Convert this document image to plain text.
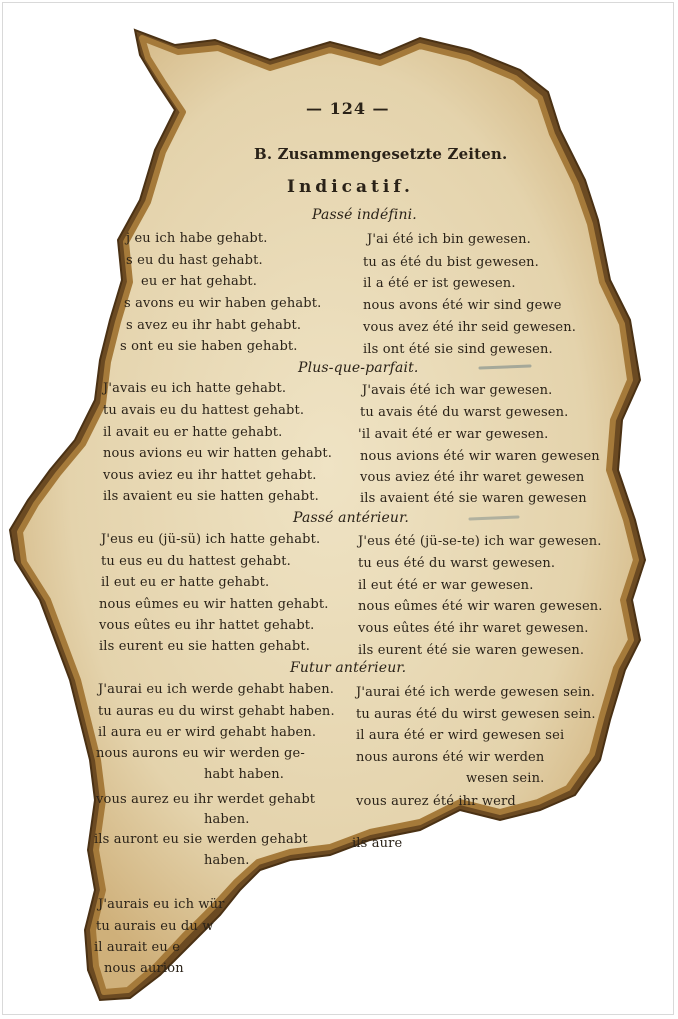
— 124 —
B. Zusammengesetzte Zeiten.
Indicatif.
Passé indéfini.
j eu ich habe gehabt.
s eu du hast gehabt.
eu er hat gehabt.
s avons eu wir haben gehabt.
s avez eu ihr habt gehabt.
s ont eu sie haben gehabt.
J'ai été ich bin gewesen.
tu as été du bist gewesen.
il a été er ist gewesen.
nous avons été wir sind gewe
vous avez été ihr seid gewesen.
ils ont été sie sind gewesen.
Plus-que-parfait.
J'avais eu ich hatte gehabt.
tu avais eu du hattest gehabt.
il avait eu er hatte gehabt.
nous avions eu wir hatten gehabt.
vous aviez eu ihr hattet gehabt.
ils avaient eu sie hatten gehabt.
J'avais été ich war gewesen.
tu avais été du warst gewesen.
'il avait été er war gewesen.
nous avions été wir waren gewesen
vous aviez été ihr waret gewesen
ils avaient été sie waren gewesen
Passé antérieur.
J'eus eu (jü-sü) ich hatte gehabt.
tu eus eu du hattest gehabt.
il eut eu er hatte gehabt.
nous eûmes eu wir hatten gehabt.
vous eûtes eu ihr hattet gehabt.
ils eurent eu sie hatten gehabt.
J'eus été (jü-se-te) ich war gewesen.
tu eus été du warst gewesen.
il eut été er war gewesen.
nous eûmes été wir waren gewesen.
vous eûtes été ihr waret gewesen.
ils eurent été sie waren gewesen.
Futur antérieur.
J'aurai eu ich werde gehabt haben.
tu auras eu du wirst gehabt haben.
il aura eu er wird gehabt haben.
nous aurons eu wir werden ge-
habt haben.
vous aurez eu ihr werdet gehabt
haben.
ils auront eu sie werden gehabt
haben.
J'aurai été ich werde gewesen sein.
tu auras été du wirst gewesen sein.
il aura été er wird gewesen sei
nous aurons été wir werden
wesen sein.
vous aurez été ihr werd
ils aure
J'aurais eu ich wür
tu aurais eu du w
il aurait eu e
nous aurion
